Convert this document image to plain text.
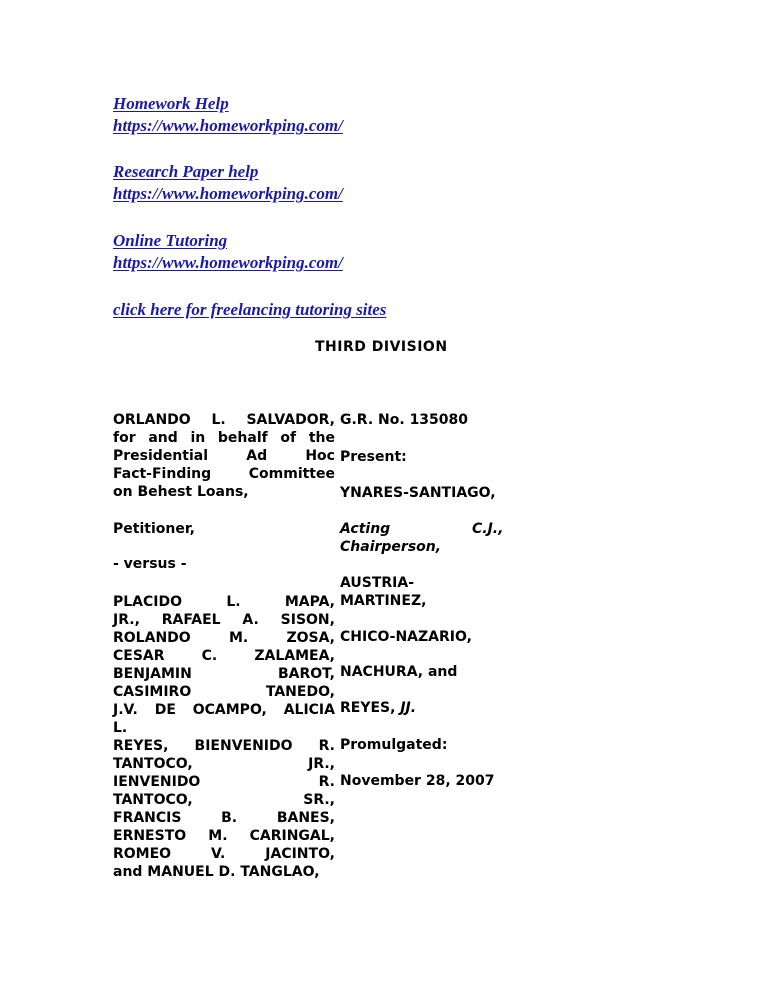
Homework Help
https://www.homeworkping.com/
Research Paper help
https://www.homeworkping.com/
Online Tutoring
https://www.homeworkping.com/
click here for freelancing tutoring sites
THIRD DIVISION
ORLANDO L. SALVADOR,
for and in behalf of the
Presidential	Ad	Hoc
Fact-Finding	Committee
on Behest Loans,
Petitioner,
- versus -
PLACIDO	L.	MAPA,
JR., RAFAEL A. SISON,
ROLANDO	M.	ZOSA,
CESAR	C.	ZALAMEA,
BENJAMIN	BAROT,
CASIMIRO	TANEDO,
J.V. DE OCAMPO, ALICIA
L.
REYES, BIENVENIDO R.
TANTOCO,	JR.,
IENVENIDO	R.
TANTOCO,	SR.,
FRANCIS	B.	BANES,
ERNESTO M. CARINGAL,
ROMEO	V.	JACINTO,
and MANUEL D. TANGLAO,
G.R. No. 135080
Present:
YNARES-SANTIAGO,
Acting	C.J.,
Chairperson,
AUSTRIA-
MARTINEZ,
CHICO-NAZARIO,
NACHURA, and
REYES, JJ.
Promulgated:
November 28, 2007
